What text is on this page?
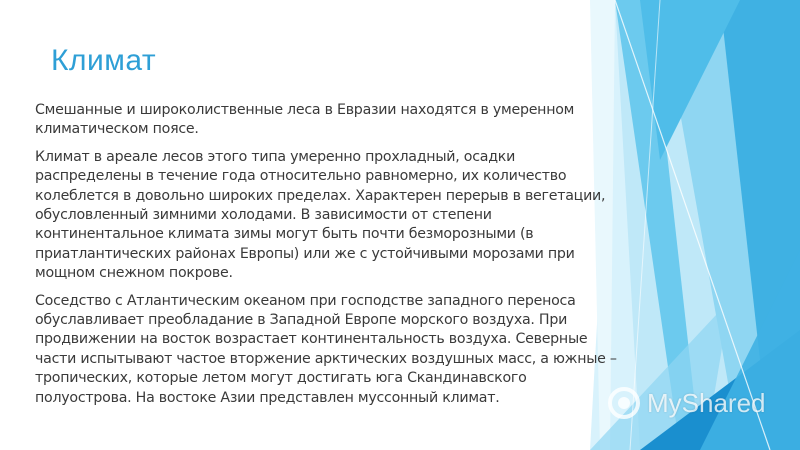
Климат

Смешанные и широколиственные леса в Евразии находятся в умеренном климатическом поясе.

Климат в ареале лесов этого типа умеренно прохладный, осадки распределены в течение года относительно равномерно, их количество колеблется в довольно широких пределах. Характерен перерыв в вегетации, обусловленный зимними холодами. В зависимости от степени континентальное климата зимы могут быть почти безморозными (в приатлантических районах Европы) или же с устойчивыми морозами при мощном снежном покрове.

Соседство с Атлантическим океаном при господстве западного переноса обуславливает преобладание в Западной Европе морского воздуха. При продвижении на восток возрастает континентальность воздуха. Северные части испытывают частое вторжение арктических воздушных масс, а южные – тропических, которые летом могут достигать юга Скандинавского полуострова. На востоке Азии представлен муссонный климат.	MyShared
